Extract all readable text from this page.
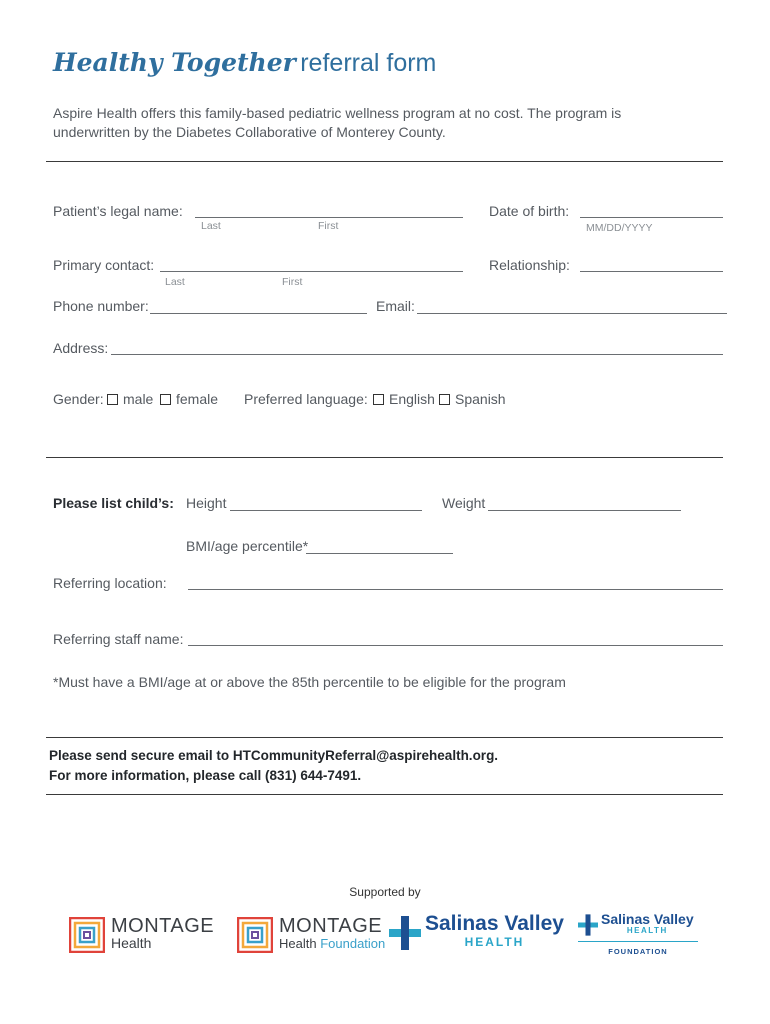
Healthy Together referral form
Aspire Health offers this family-based pediatric wellness program at no cost. The program is underwritten by the Diabetes Collaborative of Monterey County.
Patient’s legal name:
Last	First
Date of birth:
MM/DD/YYYY
Primary contact:
Last	First
Relationship:
Phone number:	Email:
Address:
Gender:	male	female Preferred language:	English	Spanish
Please list child’s: Height	Weight
BMI/age percentile*
Referring location:
Referring staff name:
*Must have a BMI/age at or above the 85th percentile to be eligible for the program
Please send secure email to HTCommunityReferral@aspirehealth.org.
For more information, please call (831) 644-7491.
Supported by
MONTAGE
Health
MONTAGE
Health Foundation
Salinas Valley
HEALTH
Salinas Valley
HEALTH
FOUNDATION
